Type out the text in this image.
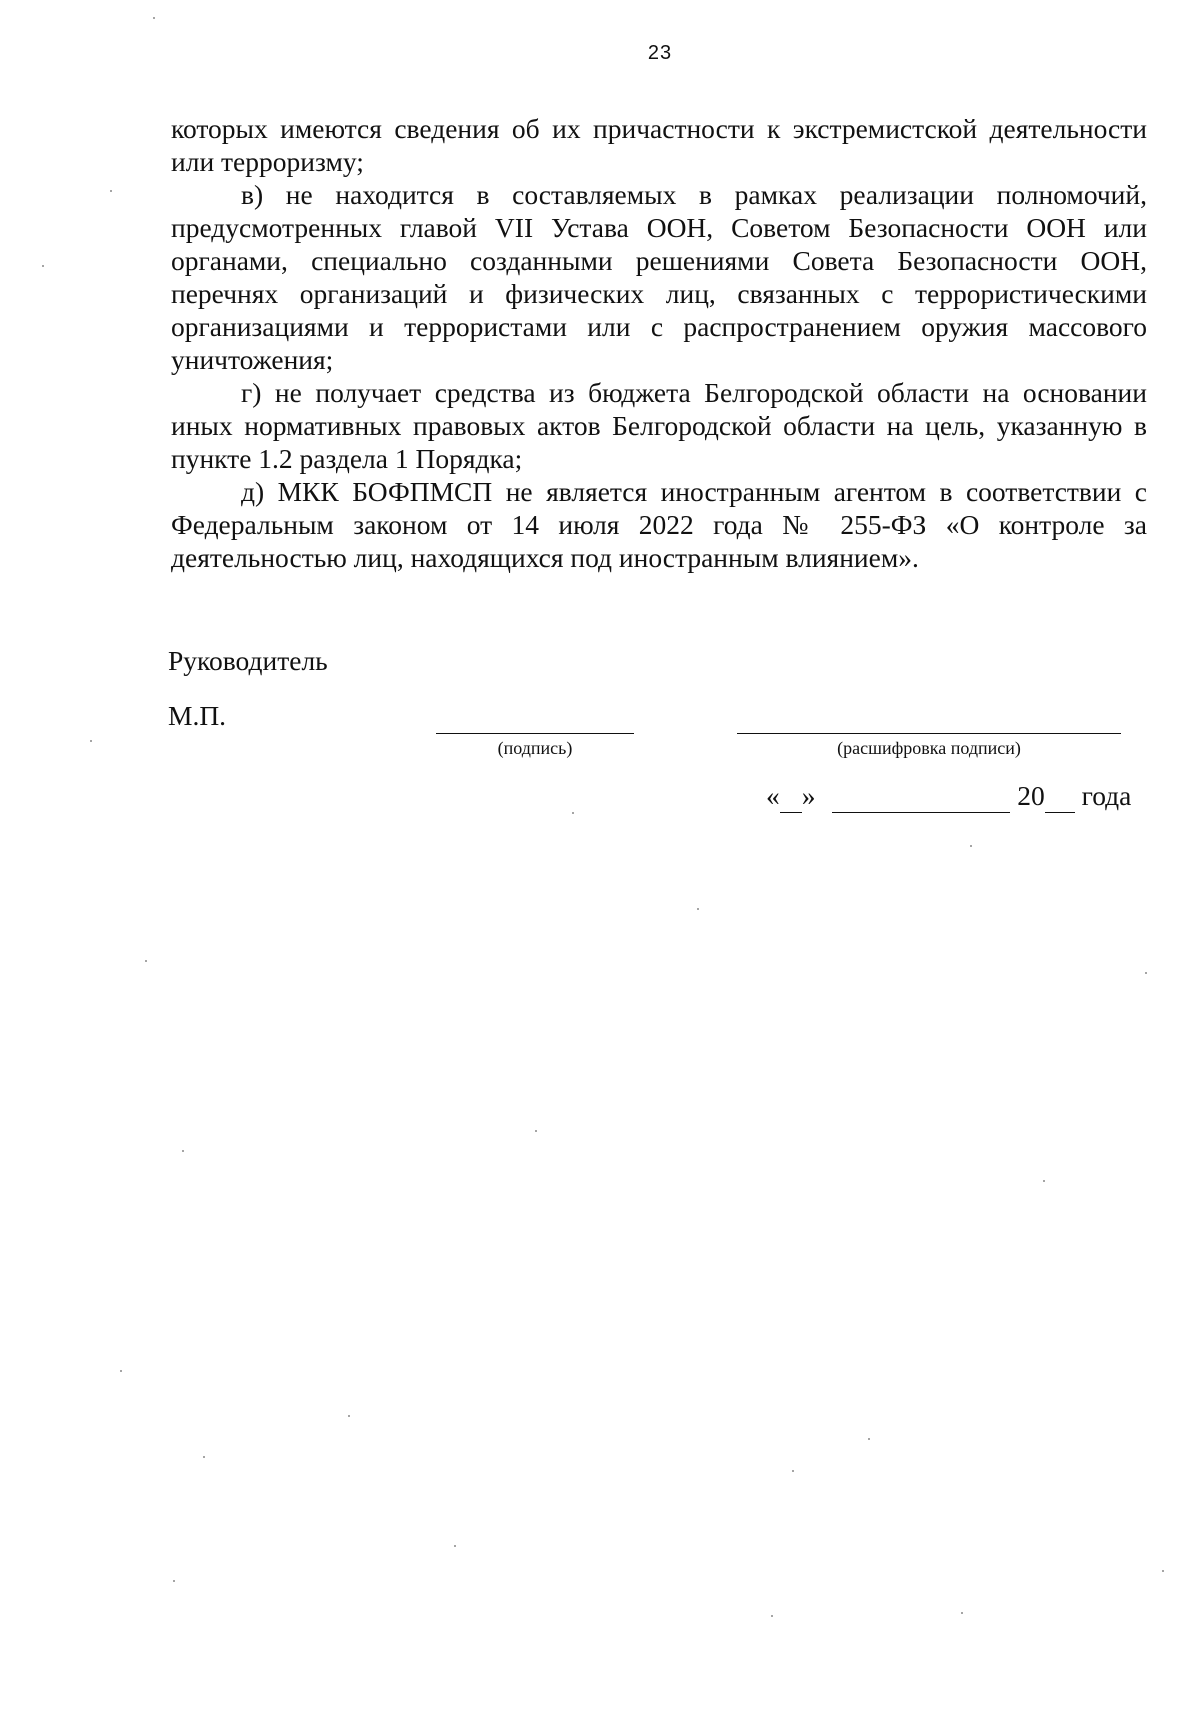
23

которых имеются сведения об их причастности к экстремистской деятельности или терроризму;

в) не находится в составляемых в рамках реализации полномочий, предусмотренных главой VII Устава ООН, Советом Безопасности ООН или органами, специально созданными решениями Совета Безопасности ООН, перечнях организаций и физических лиц, связанных с террористическими организациями и террористами или с распространением оружия массового уничтожения;

г) не получает средства из бюджета Белгородской области на основании иных нормативных правовых актов Белгородской области на цель, указанную в пункте 1.2 раздела 1 Порядка;

д) МКК БОФПМСП не является иностранным агентом в соответствии с Федеральным законом от 14 июля 2022 года № 255-ФЗ «О контроле за деятельностью лиц, находящихся под иностранным влиянием».

Руководитель
М.П.
(подпись)	(расшифровка подписи)
« »	20 года
